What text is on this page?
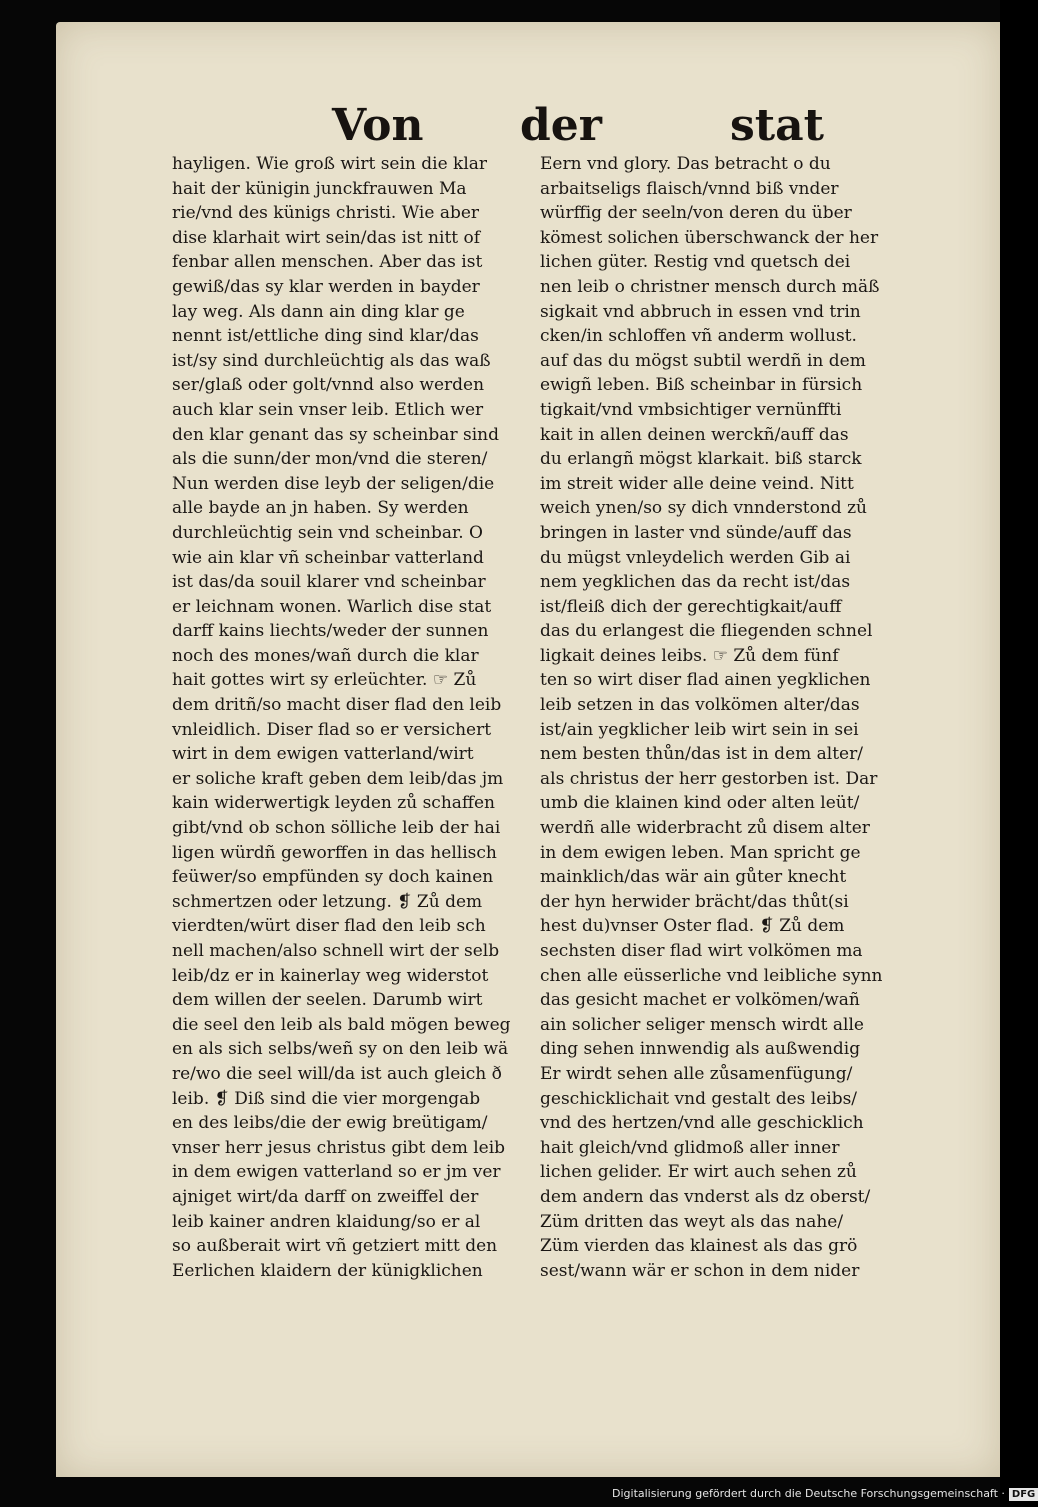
Von der	stat
hayligen. Wie groß wirt sein die klar
hait der künigin junckfrauwen Ma
rie/vnd des künigs christi. Wie aber
dise klarhait wirt sein/das ist nitt of
fenbar allen menschen. Aber das ist
gewiß/das sy klar werden in bayder
lay weg. Als dann ain ding klar ge
nennt ist/ettliche ding sind klar/das
ist/sy sind durchleüchtig als das waß
ser/glaß oder golt/vnnd also werden
auch klar sein vnser leib. Etlich wer
den klar genant das sy scheinbar sind
als die sunn/der mon/vnd die steren/
Nun werden dise leyb der seligen/die
alle bayde an jn haben. Sy werden
durchleüchtig sein vnd scheinbar. O
wie ain klar vñ scheinbar vatterland
ist das/da souil klarer vnd scheinbar
er leichnam wonen. Warlich dise stat
darff kains liechts/weder der sunnen
noch des mones/wañ durch die klar
hait gottes wirt sy erleüchter. ☞ Zů
dem dritñ/so macht diser flad den leib
vnleidlich. Diser flad so er versichert
wirt in dem ewigen vatterland/wirt
er soliche kraft geben dem leib/das jm
kain widerwertigk leyden zů schaffen
gibt/vnd ob schon sölliche leib der hai
ligen würdñ geworffen in das hellisch
feüwer/so empfünden sy doch kainen
schmertzen oder letzung. ❡ Zů dem
vierdten/würt diser flad den leib sch
nell machen/also schnell wirt der selb
leib/dz er in kainerlay weg widerstot
dem willen der seelen. Darumb wirt
die seel den leib als bald mögen beweg
en als sich selbs/weñ sy on den leib wä
re/wo die seel will/da ist auch gleich ð
leib. ❡ Diß sind die vier morgengab
en des leibs/die der ewig breütigam/
vnser herr jesus christus gibt dem leib
in dem ewigen vatterland so er jm ver
ajniget wirt/da darff on zweiffel der
leib kainer andren klaidung/so er al
so außberait wirt vñ getziert mitt den
Eerlichen klaidern der künigklichen
Eern vnd glory. Das betracht o du
arbaitseligs flaisch/vnnd biß vnder
würffig der seeln/von deren du über
kömest solichen überschwanck der her
lichen güter. Restig vnd quetsch dei
nen leib o christner mensch durch mäß
sigkait vnd abbruch in essen vnd trin
cken/in schloffen vñ anderm wollust.
auf das du mögst subtil werdñ in dem
ewigñ leben. Biß scheinbar in fürsich
tigkait/vnd vmbsichtiger vernünffti
kait in allen deinen werckñ/auff das
du erlangñ mögst klarkait. biß starck
im streit wider alle deine veind. Nitt
weich ynen/so sy dich vnnderstond zů
bringen in laster vnd sünde/auff das
du mügst vnleydelich werden Gib ai
nem yegklichen das da recht ist/das
ist/fleiß dich der gerechtigkait/auff
das du erlangest die fliegenden schnel
ligkait deines leibs. ☞ Zů dem fünf
ten so wirt diser flad ainen yegklichen
leib setzen in das volkömen alter/das
ist/ain yegklicher leib wirt sein in sei
nem besten thůn/das ist in dem alter/
als christus der herr gestorben ist. Dar
umb die klainen kind oder alten leüt/
werdñ alle widerbracht zů disem alter
in dem ewigen leben. Man spricht ge
mainklich/das wär ain gůter knecht
der hyn herwider brächt/das thůt(si
hest du)vnser Oster flad. ❡ Zů dem
sechsten diser flad wirt volkömen ma
chen alle eüsserliche vnd leibliche synn
das gesicht machet er volkömen/wañ
ain solicher seliger mensch wirdt alle
ding sehen innwendig als außwendig
Er wirdt sehen alle zůsamenfügung/
geschicklichait vnd gestalt des leibs/
vnd des hertzen/vnd alle geschicklich
hait gleich/vnd glidmoß aller inner
lichen gelider. Er wirt auch sehen zů
dem andern das vnderst als dz oberst/
Züm dritten das weyt als das nahe/
Züm vierden das klainest als das grö
sest/wann wär er schon in dem nider
Digitalisierung gefördert durch die Deutsche Forschungsgemeinschaft · DFG
